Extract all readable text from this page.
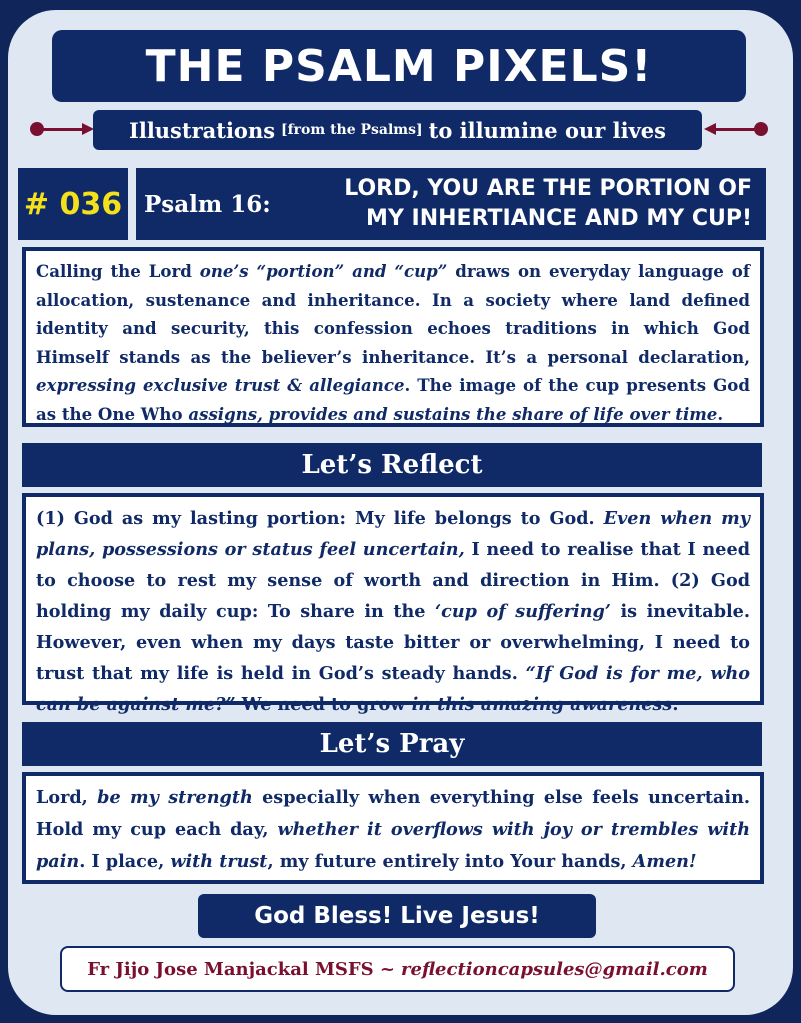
THE PSALM PIXELS!
Illustrations [from the Psalms] to illumine our lives
# 036 Psalm 16:
LORD, YOU ARE THE PORTION OF
MY INHERTIANCE AND MY CUP!
Calling the Lord one’s “portion” and “cup” draws on everyday language of allocation, sustenance and inheritance. In a society where land defined identity and security, this confession echoes traditions in which God Himself stands as the believer’s inheritance. It’s a personal declaration, expressing exclusive trust & allegiance. The image of the cup presents God as the One Who assigns, provides and sustains the share of life over time.
Let’s Reflect
(1) God as my lasting portion: My life belongs to God. Even when my plans, possessions or status feel uncertain, I need to realise that I need to choose to rest my sense of worth and direction in Him. (2) God holding my daily cup: To share in the ‘cup of suffering’ is inevitable. However, even when my days taste bitter or overwhelming, I need to trust that my life is held in God’s steady hands. “If God is for me, who can be against me?” We need to grow in this amazing awareness.
Let’s Pray
Lord, be my strength especially when everything else feels uncertain. Hold my cup each day, whether it overflows with joy or trembles with pain. I place, with trust, my future entirely into Your hands, Amen!
God Bless! Live Jesus!
Fr Jijo Jose Manjackal MSFS ~ reflectioncapsules@gmail.com
